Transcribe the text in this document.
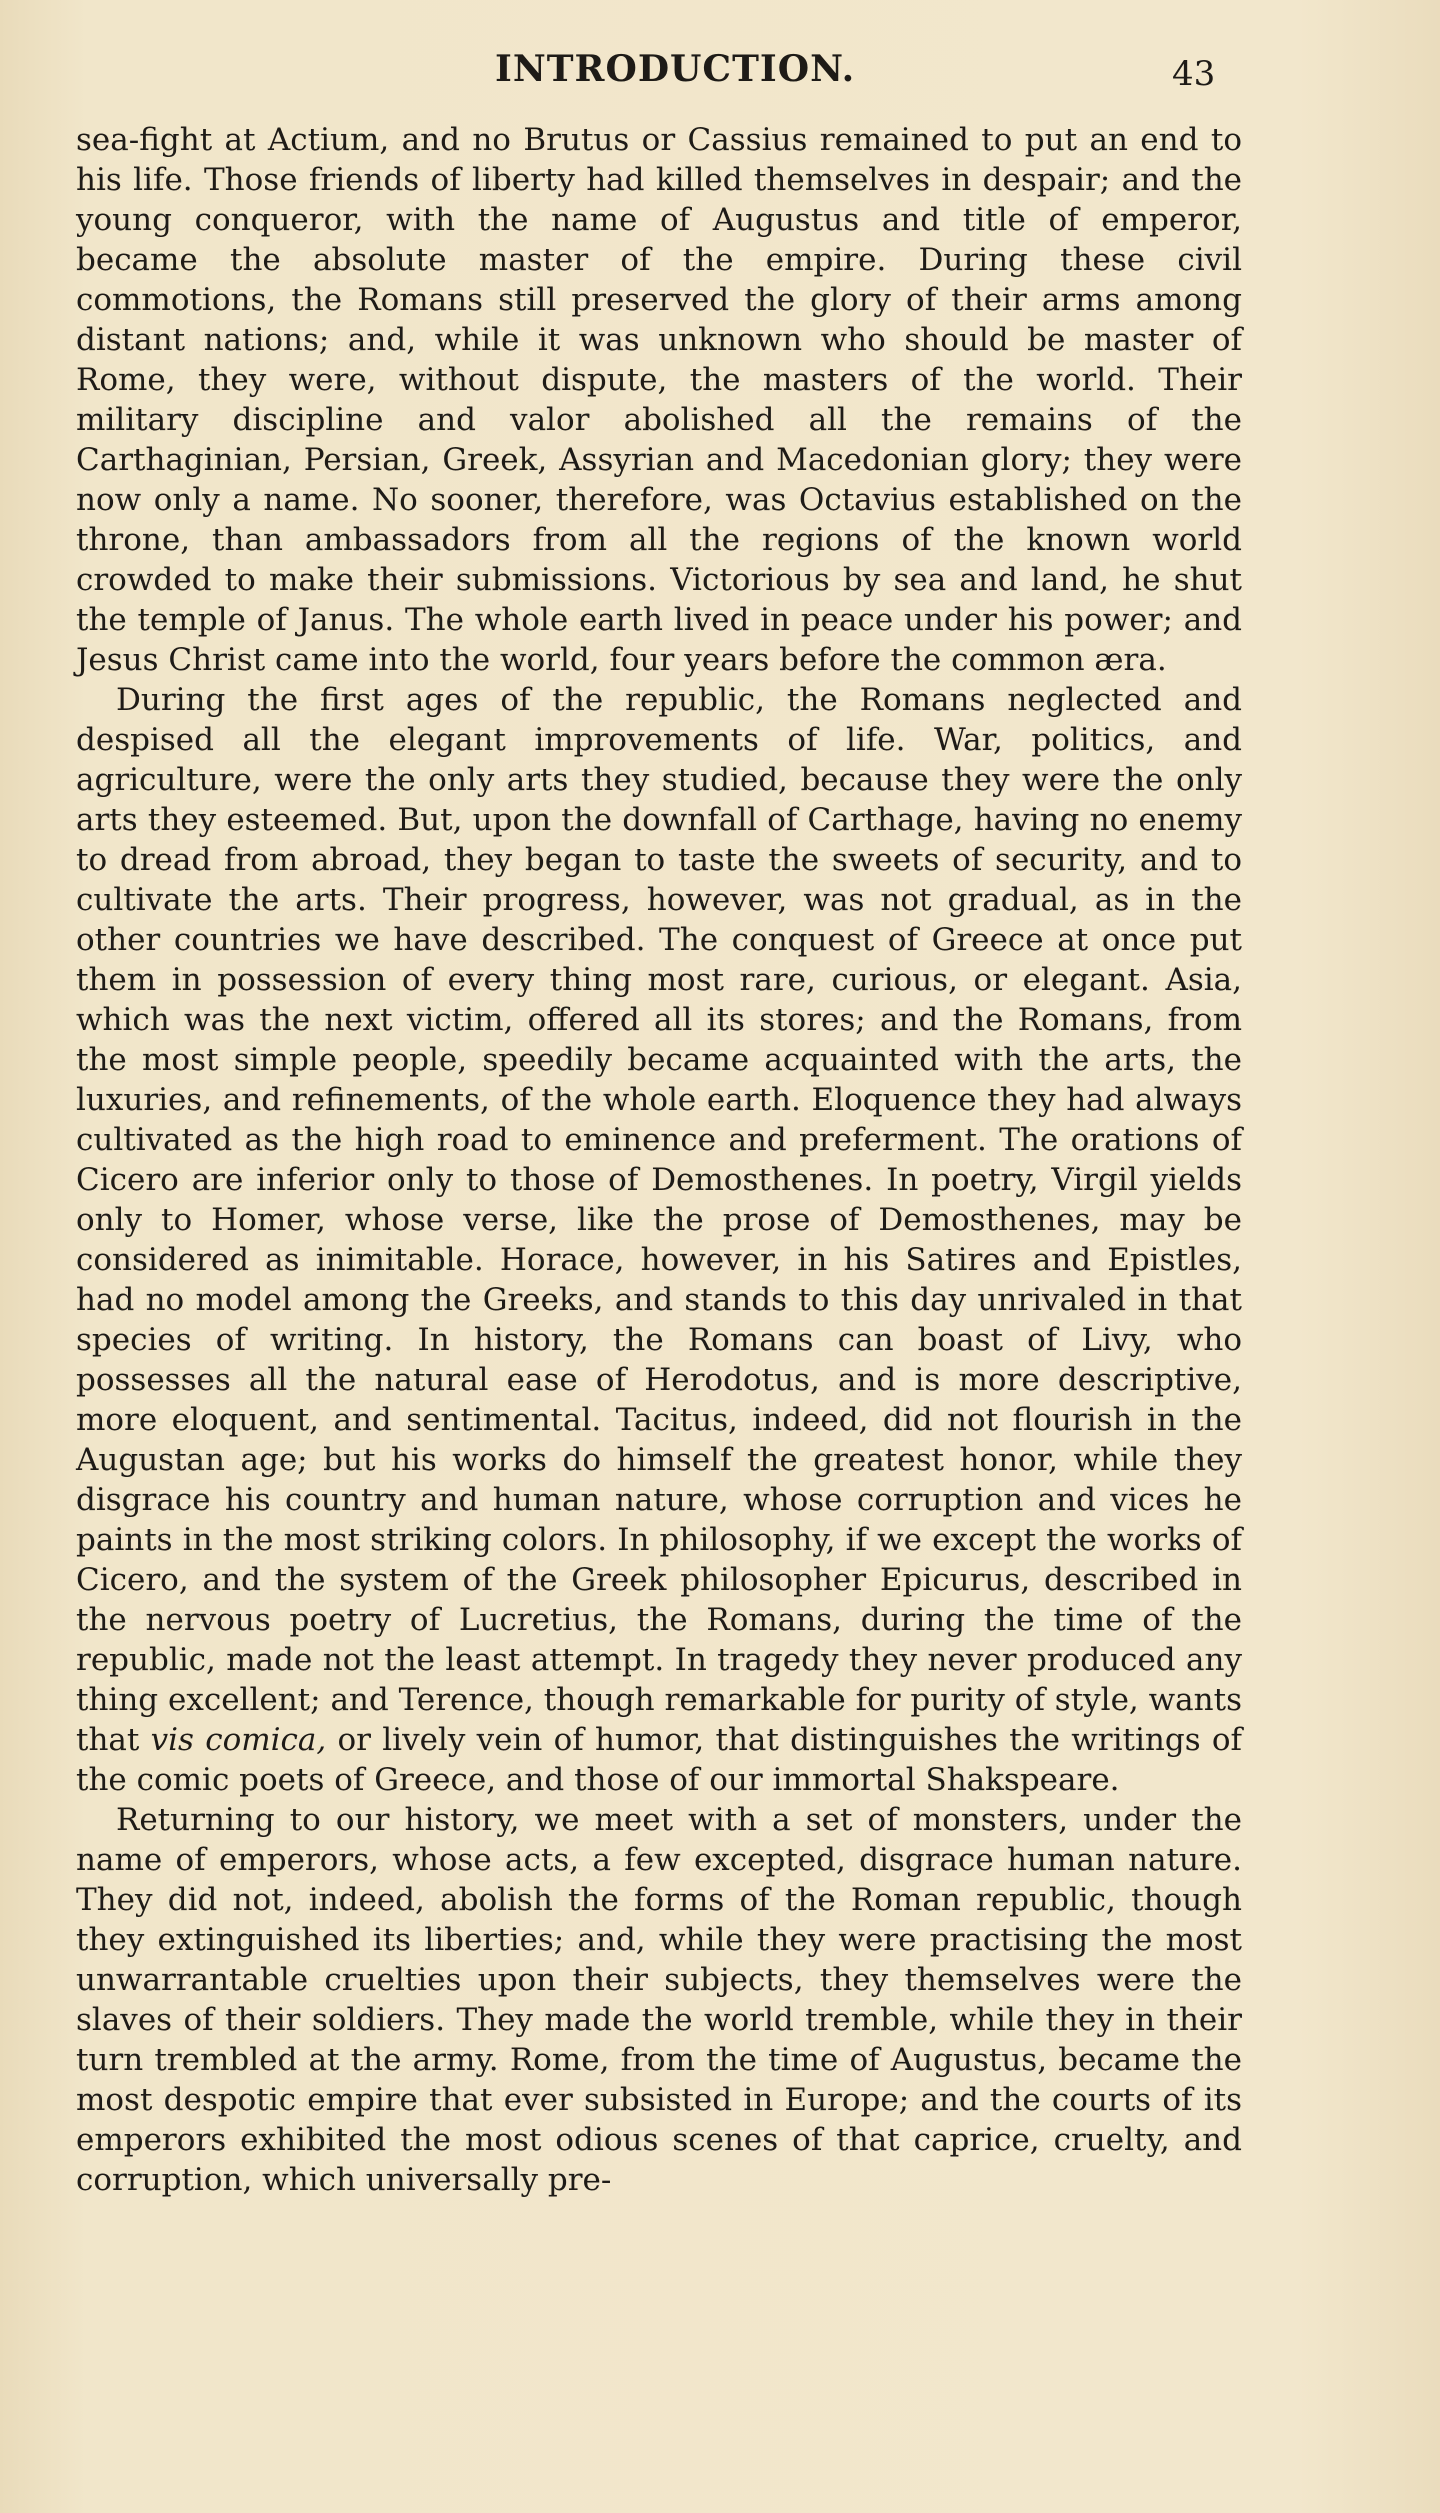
INTRODUCTION.	43

sea-fight at Actium, and no Brutus or Cassius remained to put an end to his life. Those friends of liberty had killed themselves in despair; and the young conqueror, with the name of Augustus and title of emperor, became the absolute master of the empire. During these civil commotions, the Romans still preserved the glory of their arms among distant nations; and, while it was unknown who should be master of Rome, they were, without dispute, the masters of the world. Their military discipline and valor abolished all the remains of the Carthaginian, Persian, Greek, Assyrian and Macedonian glory; they were now only a name. No sooner, therefore, was Octavius established on the throne, than ambassadors from all the regions of the known world crowded to make their submissions. Victorious by sea and land, he shut the temple of Janus. The whole earth lived in peace under his power; and Jesus Christ came into the world, four years before the common æra.

During the first ages of the republic, the Romans neglected and despised all the elegant improvements of life. War, politics, and agriculture, were the only arts they studied, because they were the only arts they esteemed. But, upon the downfall of Carthage, having no enemy to dread from abroad, they began to taste the sweets of security, and to cultivate the arts. Their progress, however, was not gradual, as in the other countries we have described. The conquest of Greece at once put them in possession of every thing most rare, curious, or elegant. Asia, which was the next victim, offered all its stores; and the Romans, from the most simple people, speedily became acquainted with the arts, the luxuries, and refinements, of the whole earth. Eloquence they had always cultivated as the high road to eminence and preferment. The orations of Cicero are inferior only to those of Demosthenes. In poetry, Virgil yields only to Homer, whose verse, like the prose of Demosthenes, may be considered as inimitable. Horace, however, in his Satires and Epistles, had no model among the Greeks, and stands to this day unrivaled in that species of writing. In history, the Romans can boast of Livy, who possesses all the natural ease of Herodotus, and is more descriptive, more eloquent, and sentimental. Tacitus, indeed, did not flourish in the Augustan age; but his works do himself the greatest honor, while they disgrace his country and human nature, whose corruption and vices he paints in the most striking colors. In philosophy, if we except the works of Cicero, and the system of the Greek philosopher Epicurus, described in the nervous poetry of Lucretius, the Romans, during the time of the republic, made not the least attempt. In tragedy they never produced any thing excellent; and Terence, though remarkable for purity of style, wants that vis comica, or lively vein of humor, that distinguishes the writings of the comic poets of Greece, and those of our immortal Shakspeare.

Returning to our history, we meet with a set of monsters, under the name of emperors, whose acts, a few excepted, disgrace human nature. They did not, indeed, abolish the forms of the Roman republic, though they extinguished its liberties; and, while they were practising the most unwarrantable cruelties upon their subjects, they themselves were the slaves of their soldiers. They made the world tremble, while they in their turn trembled at the army. Rome, from the time of Augustus, became the most despotic empire that ever subsisted in Europe; and the courts of its emperors exhibited the most odious scenes of that caprice, cruelty, and corruption, which universally pre-
